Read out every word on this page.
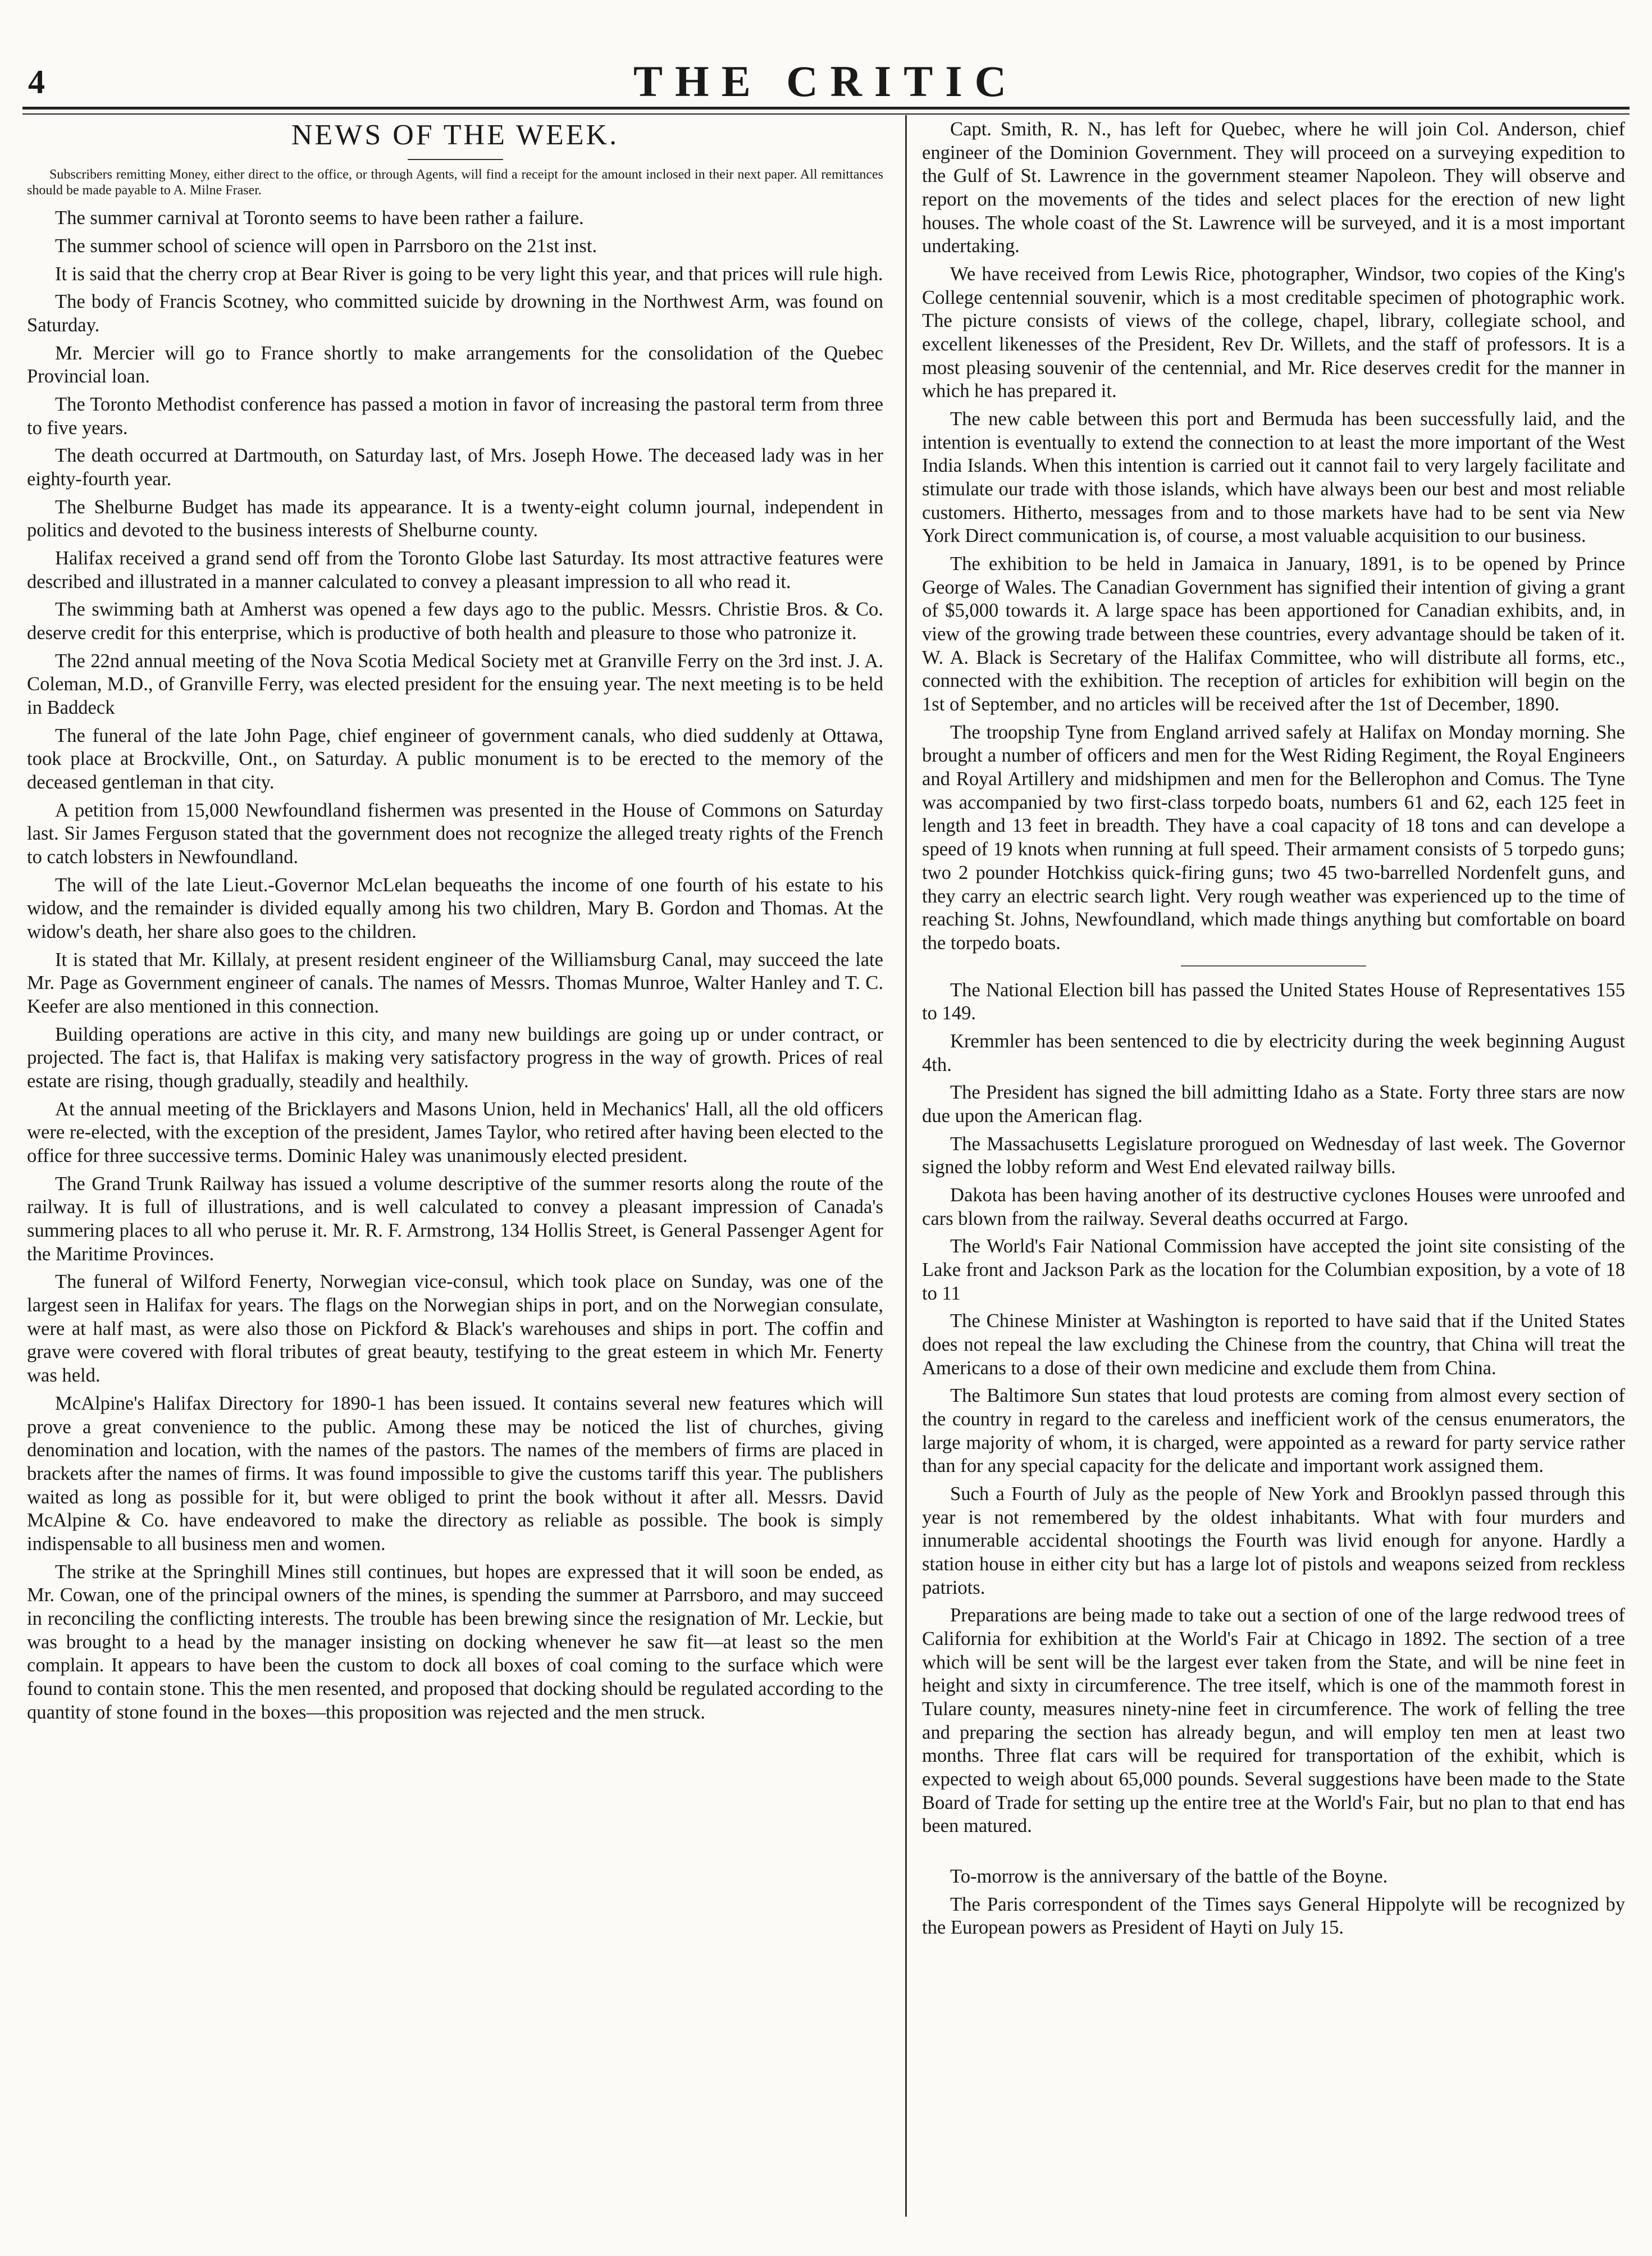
4	THE CRITIC
NEWS OF THE WEEK.
Subscribers remitting Money, either direct to the office, or through Agents, will find a receipt for the amount inclosed in their next paper. All remittances should be made payable to A. Milne Fraser.

The summer carnival at Toronto seems to have been rather a failure.

The summer school of science will open in Parrsboro on the 21st inst.

It is said that the cherry crop at Bear River is going to be very light this year, and that prices will rule high.

The body of Francis Scotney, who committed suicide by drowning in the Northwest Arm, was found on Saturday.

Mr. Mercier will go to France shortly to make arrangements for the consolidation of the Quebec Provincial loan.

The Toronto Methodist conference has passed a motion in favor of increasing the pastoral term from three to five years.

The death occurred at Dartmouth, on Saturday last, of Mrs. Joseph Howe. The deceased lady was in her eighty-fourth year.

The Shelburne Budget has made its appearance. It is a twenty-eight column journal, independent in politics and devoted to the business interests of Shelburne county.

Halifax received a grand send off from the Toronto Globe last Saturday. Its most attractive features were described and illustrated in a manner calculated to convey a pleasant impression to all who read it.

The swimming bath at Amherst was opened a few days ago to the public. Messrs. Christie Bros. & Co. deserve credit for this enterprise, which is productive of both health and pleasure to those who patronize it.

The 22nd annual meeting of the Nova Scotia Medical Society met at Granville Ferry on the 3rd inst. J. A. Coleman, M.D., of Granville Ferry, was elected president for the ensuing year. The next meeting is to be held in Baddeck

The funeral of the late John Page, chief engineer of government canals, who died suddenly at Ottawa, took place at Brockville, Ont., on Saturday. A public monument is to be erected to the memory of the deceased gentleman in that city.

A petition from 15,000 Newfoundland fishermen was presented in the House of Commons on Saturday last. Sir James Ferguson stated that the government does not recognize the alleged treaty rights of the French to catch lobsters in Newfoundland.

The will of the late Lieut.-Governor McLelan bequeaths the income of one fourth of his estate to his widow, and the remainder is divided equally among his two children, Mary B. Gordon and Thomas. At the widow's death, her share also goes to the children.

It is stated that Mr. Killaly, at present resident engineer of the Williamsburg Canal, may succeed the late Mr. Page as Government engineer of canals. The names of Messrs. Thomas Munroe, Walter Hanley and T. C. Keefer are also mentioned in this connection.

Building operations are active in this city, and many new buildings are going up or under contract, or projected. The fact is, that Halifax is making very satisfactory progress in the way of growth. Prices of real estate are rising, though gradually, steadily and healthily.

At the annual meeting of the Bricklayers and Masons Union, held in Mechanics' Hall, all the old officers were re-elected, with the exception of the president, James Taylor, who retired after having been elected to the office for three successive terms. Dominic Haley was unanimously elected president.

The Grand Trunk Railway has issued a volume descriptive of the summer resorts along the route of the railway. It is full of illustrations, and is well calculated to convey a pleasant impression of Canada's summering places to all who peruse it. Mr. R. F. Armstrong, 134 Hollis Street, is General Passenger Agent for the Maritime Provinces.

The funeral of Wilford Fenerty, Norwegian vice-consul, which took place on Sunday, was one of the largest seen in Halifax for years. The flags on the Norwegian ships in port, and on the Norwegian consulate, were at half mast, as were also those on Pickford & Black's warehouses and ships in port. The coffin and grave were covered with floral tributes of great beauty, testifying to the great esteem in which Mr. Fenerty was held.

McAlpine's Halifax Directory for 1890-1 has been issued. It contains several new features which will prove a great convenience to the public. Among these may be noticed the list of churches, giving denomination and location, with the names of the pastors. The names of the members of firms are placed in brackets after the names of firms. It was found impossible to give the customs tariff this year. The publishers waited as long as possible for it, but were obliged to print the book without it after all. Messrs. David McAlpine & Co. have endeavored to make the directory as reliable as possible. The book is simply indispensable to all business men and women.

The strike at the Springhill Mines still continues, but hopes are expressed that it will soon be ended, as Mr. Cowan, one of the principal owners of the mines, is spending the summer at Parrsboro, and may succeed in reconciling the conflicting interests. The trouble has been brewing since the resignation of Mr. Leckie, but was brought to a head by the manager insisting on docking whenever he saw fit—at least so the men complain. It appears to have been the custom to dock all boxes of coal coming to the surface which were found to contain stone. This the men resented, and proposed that docking should be regulated according to the quantity of stone found in the boxes—this proposition was rejected and the men struck.

Capt. Smith, R. N., has left for Quebec, where he will join Col. Anderson, chief engineer of the Dominion Government. They will proceed on a surveying expedition to the Gulf of St. Lawrence in the government steamer Napoleon. They will observe and report on the movements of the tides and select places for the erection of new light houses. The whole coast of the St. Lawrence will be surveyed, and it is a most important undertaking.

We have received from Lewis Rice, photographer, Windsor, two copies of the King's College centennial souvenir, which is a most creditable specimen of photographic work. The picture consists of views of the college, chapel, library, collegiate school, and excellent likenesses of the President, Rev Dr. Willets, and the staff of professors. It is a most pleasing souvenir of the centennial, and Mr. Rice deserves credit for the manner in which he has prepared it.

The new cable between this port and Bermuda has been successfully laid, and the intention is eventually to extend the connection to at least the more important of the West India Islands. When this intention is carried out it cannot fail to very largely facilitate and stimulate our trade with those islands, which have always been our best and most reliable customers. Hitherto, messages from and to those markets have had to be sent via New York Direct communication is, of course, a most valuable acquisition to our business.

The exhibition to be held in Jamaica in January, 1891, is to be opened by Prince George of Wales. The Canadian Government has signified their intention of giving a grant of $5,000 towards it. A large space has been apportioned for Canadian exhibits, and, in view of the growing trade between these countries, every advantage should be taken of it. W. A. Black is Secretary of the Halifax Committee, who will distribute all forms, etc., connected with the exhibition. The reception of articles for exhibition will begin on the 1st of September, and no articles will be received after the 1st of December, 1890.

The troopship Tyne from England arrived safely at Halifax on Monday morning. She brought a number of officers and men for the West Riding Regiment, the Royal Engineers and Royal Artillery and midshipmen and men for the Bellerophon and Comus. The Tyne was accompanied by two first-class torpedo boats, numbers 61 and 62, each 125 feet in length and 13 feet in breadth. They have a coal capacity of 18 tons and can develope a speed of 19 knots when running at full speed. Their armament consists of 5 torpedo guns; two 2 pounder Hotchkiss quick-firing guns; two 45 two-barrelled Nordenfelt guns, and they carry an electric search light. Very rough weather was experienced up to the time of reaching St. Johns, Newfoundland, which made things anything but comfortable on board the torpedo boats.

The National Election bill has passed the United States House of Representatives 155 to 149.

Kremmler has been sentenced to die by electricity during the week beginning August 4th.

The President has signed the bill admitting Idaho as a State. Forty three stars are now due upon the American flag.

The Massachusetts Legislature prorogued on Wednesday of last week. The Governor signed the lobby reform and West End elevated railway bills.

Dakota has been having another of its destructive cyclones Houses were unroofed and cars blown from the railway. Several deaths occurred at Fargo.

The World's Fair National Commission have accepted the joint site consisting of the Lake front and Jackson Park as the location for the Columbian exposition, by a vote of 18 to 11

The Chinese Minister at Washington is reported to have said that if the United States does not repeal the law excluding the Chinese from the country, that China will treat the Americans to a dose of their own medicine and exclude them from China.

The Baltimore Sun states that loud protests are coming from almost every section of the country in regard to the careless and inefficient work of the census enumerators, the large majority of whom, it is charged, were appointed as a reward for party service rather than for any special capacity for the delicate and important work assigned them.

Such a Fourth of July as the people of New York and Brooklyn passed through this year is not remembered by the oldest inhabitants. What with four murders and innumerable accidental shootings the Fourth was livid enough for anyone. Hardly a station house in either city but has a large lot of pistols and weapons seized from reckless patriots.

Preparations are being made to take out a section of one of the large redwood trees of California for exhibition at the World's Fair at Chicago in 1892. The section of a tree which will be sent will be the largest ever taken from the State, and will be nine feet in height and sixty in circumference. The tree itself, which is one of the mammoth forest in Tulare county, measures ninety-nine feet in circumference. The work of felling the tree and preparing the section has already begun, and will employ ten men at least two months. Three flat cars will be required for transportation of the exhibit, which is expected to weigh about 65,000 pounds. Several suggestions have been made to the State Board of Trade for setting up the entire tree at the World's Fair, but no plan to that end has been matured.

To-morrow is the anniversary of the battle of the Boyne.

The Paris correspondent of the Times says General Hippolyte will be recognized by the European powers as President of Hayti on July 15.
